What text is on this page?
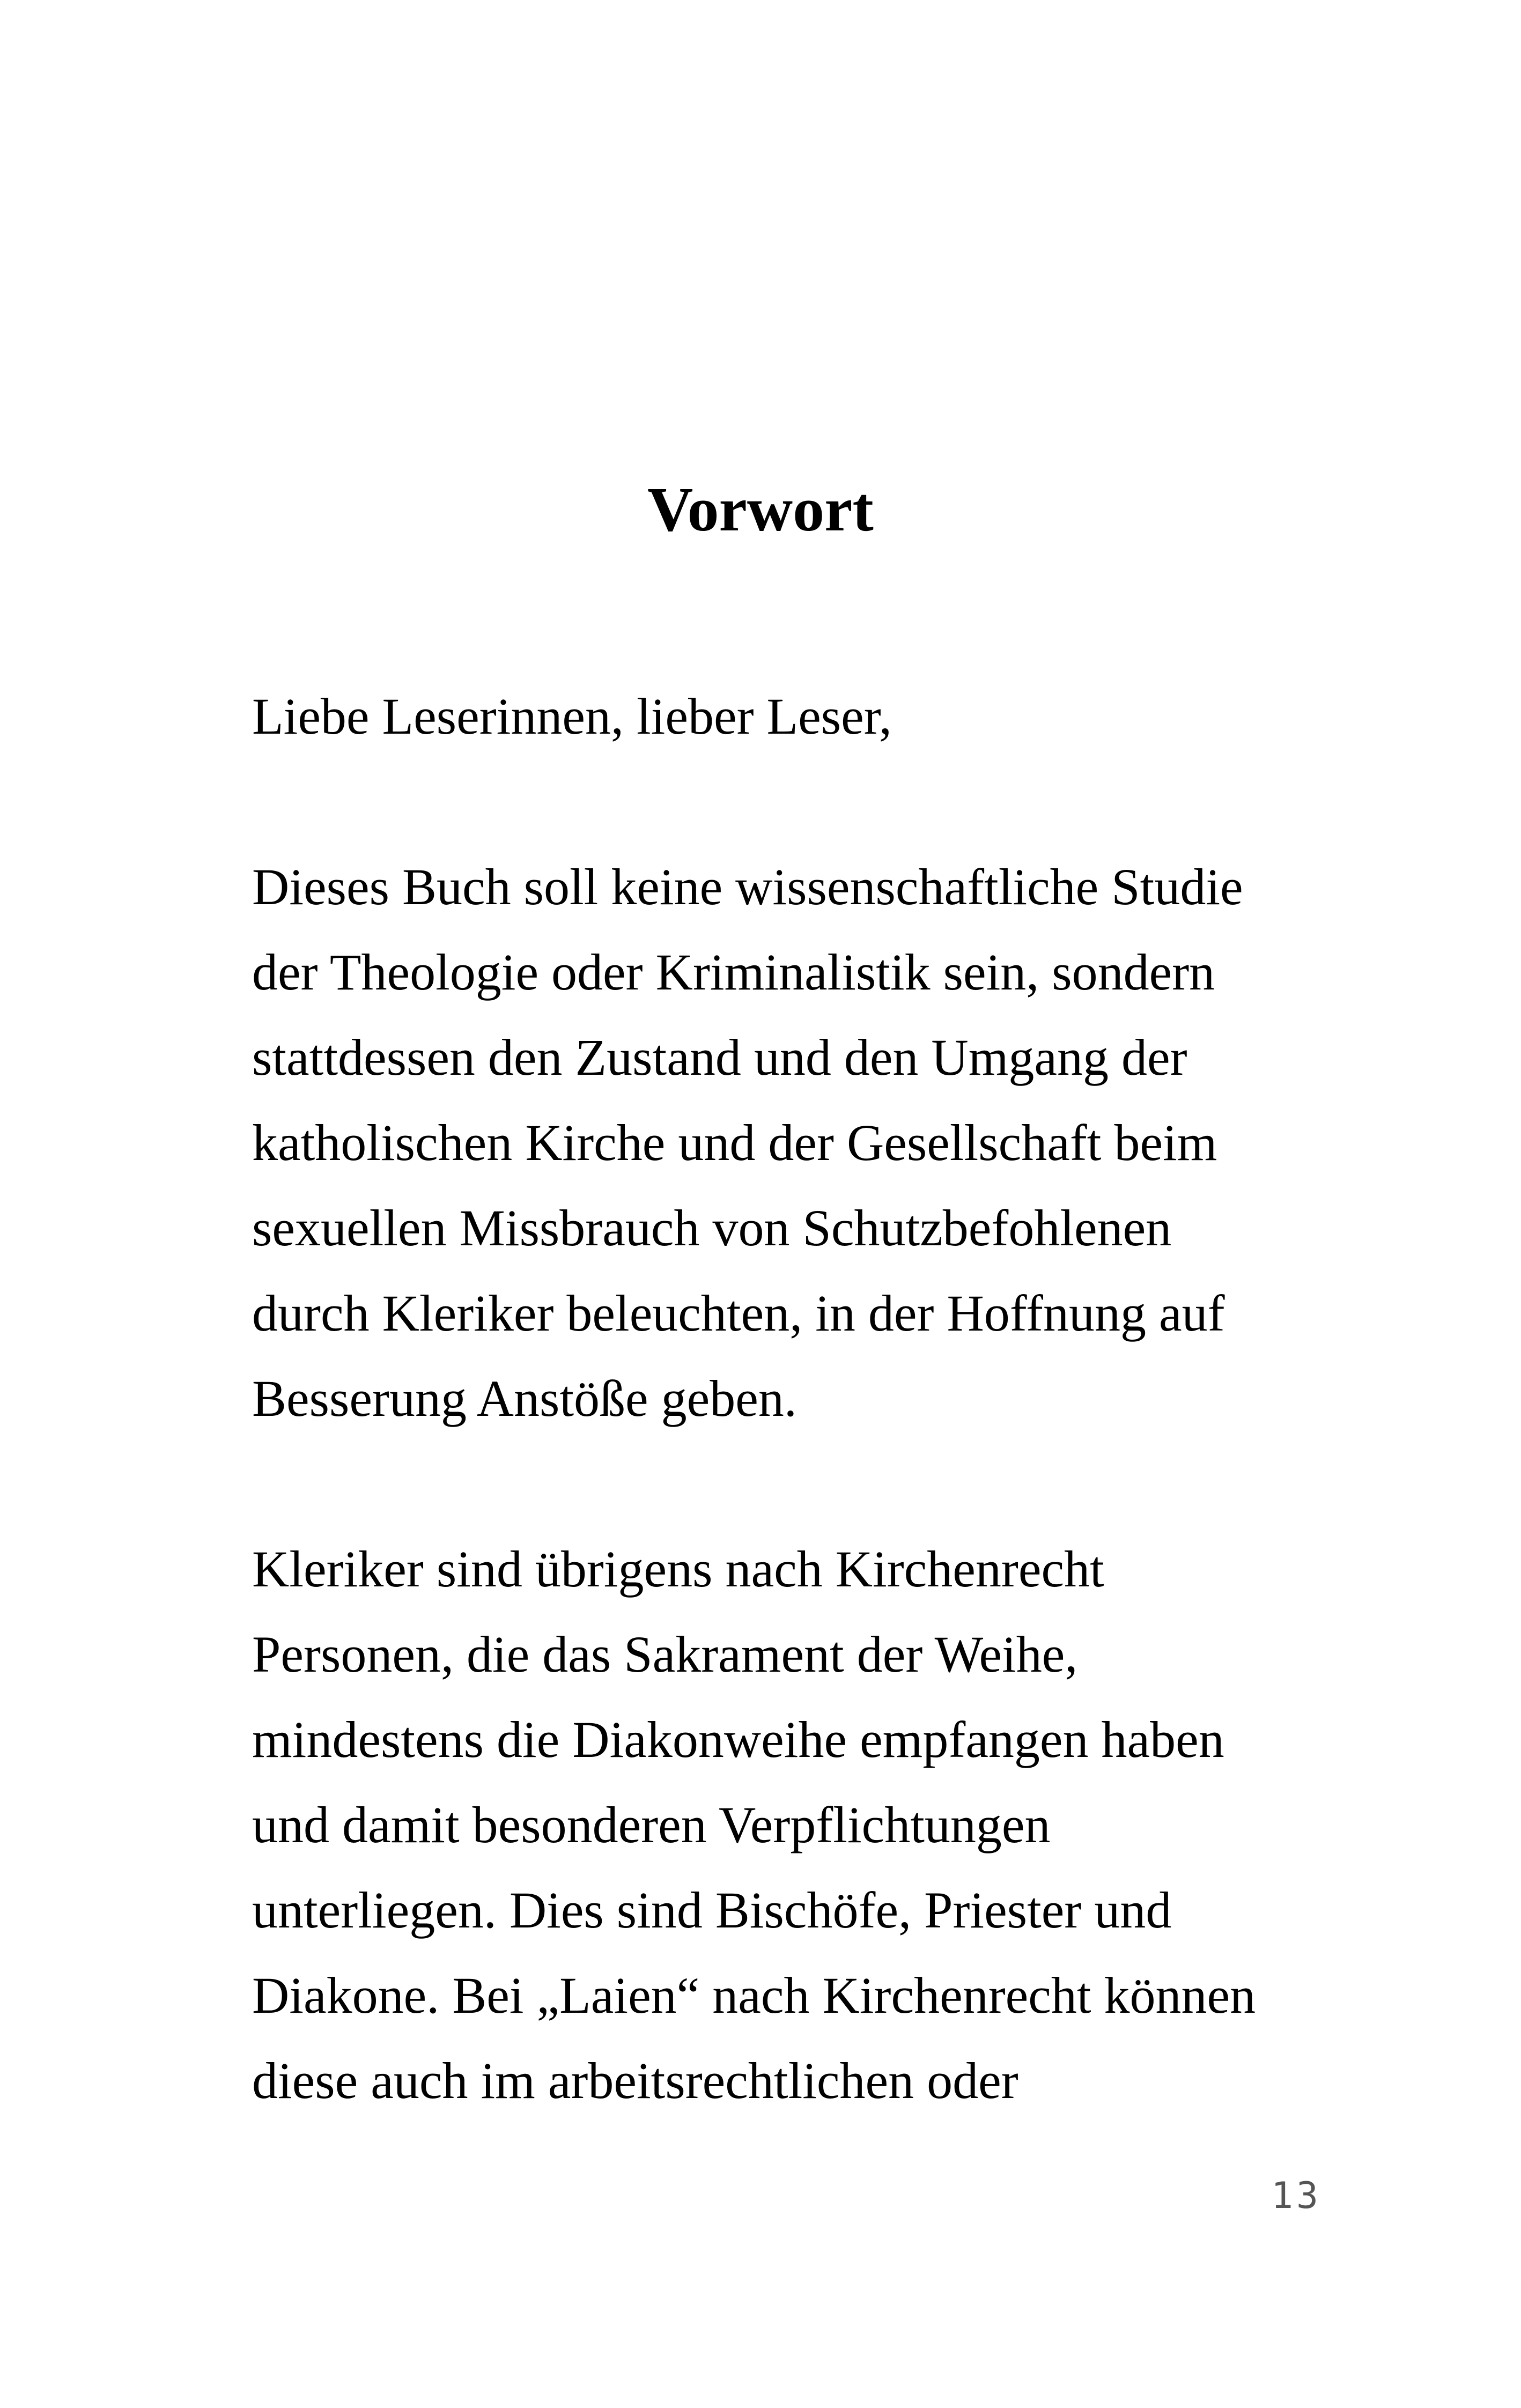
Vorwort
Liebe Leserinnen, lieber Leser,
Dieses Buch soll keine wissenschaftliche Studie
der Theologie oder Kriminalistik sein, sondern
stattdessen den Zustand und den Umgang der
katholischen Kirche und der Gesellschaft beim
sexuellen Missbrauch von Schutzbefohlenen
durch Kleriker beleuchten, in der Hoffnung auf
Besserung Anstöße geben.
Kleriker sind übrigens nach Kirchenrecht
Personen, die das Sakrament der Weihe,
mindestens die Diakonweihe empfangen haben
und damit besonderen Verpflichtungen
unterliegen. Dies sind Bischöfe, Priester und
Diakone. Bei „Laien“ nach Kirchenrecht können
diese auch im arbeitsrechtlichen oder
13
